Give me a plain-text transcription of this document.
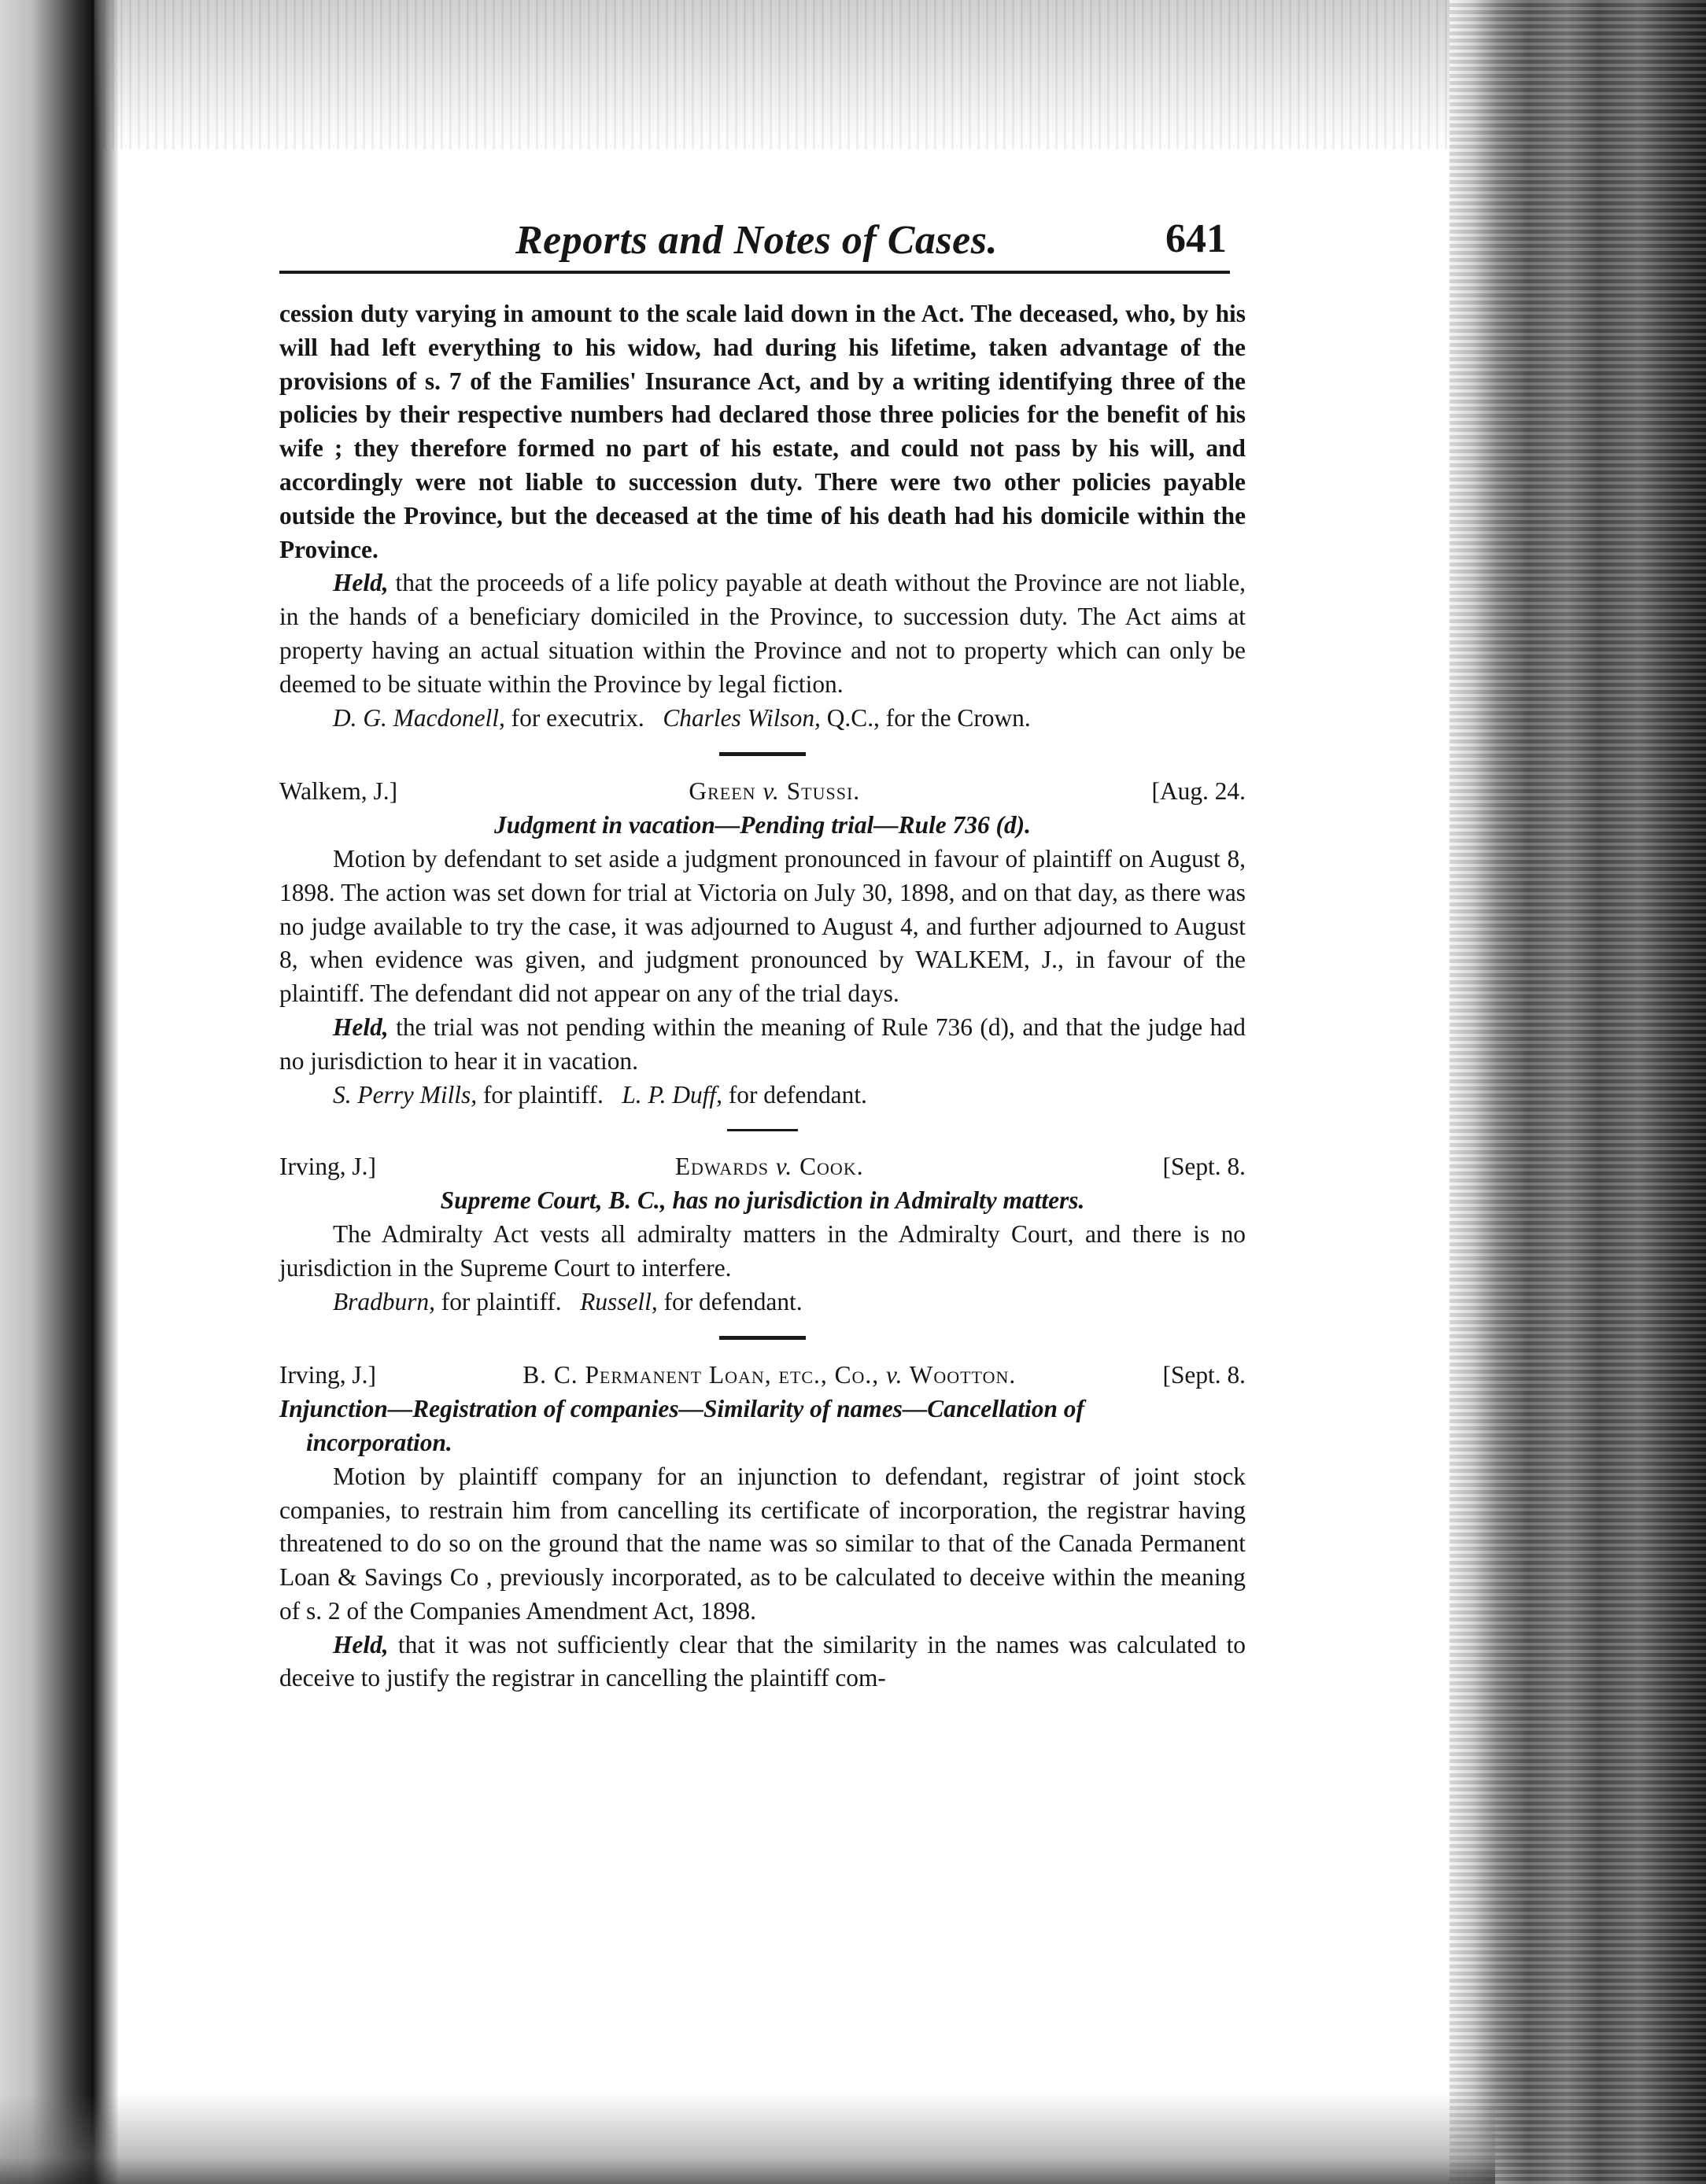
Reports and Notes of Cases.	641

cession duty varying in amount to the scale laid down in the Act. The deceased, who, by his will had left everything to his widow, had during his lifetime, taken advantage of the provisions of s. 7 of the Families' Insurance Act, and by a writing identifying three of the policies by their respective numbers had declared those three policies for the benefit of his wife ; they therefore formed no part of his estate, and could not pass by his will, and accordingly were not liable to succession duty. There were two other policies payable outside the Province, but the deceased at the time of his death had his domicile within the Province.

Held, that the proceeds of a life policy payable at death without the Province are not liable, in the hands of a beneficiary domiciled in the Province, to succession duty. The Act aims at property having an actual situation within the Province and not to property which can only be deemed to be situate within the Province by legal fiction.

D. G. Macdonell, for executrix. Charles Wilson, Q.C., for the Crown.

Walkem, J.]	Green v. Stussi.	[Aug. 24.

Judgment in vacation—Pending trial—Rule 736 (d).

Motion by defendant to set aside a judgment pronounced in favour of plaintiff on August 8, 1898. The action was set down for trial at Victoria on July 30, 1898, and on that day, as there was no judge available to try the case, it was adjourned to August 4, and further adjourned to August 8, when evidence was given, and judgment pronounced by WALKEM, J., in favour of the plaintiff. The defendant did not appear on any of the trial days.

Held, the trial was not pending within the meaning of Rule 736 (d), and that the judge had no jurisdiction to hear it in vacation.

S. Perry Mills, for plaintiff. L. P. Duff, for defendant.

Irving, J.]	Edwards v. Cook.	[Sept. 8.

Supreme Court, B. C., has no jurisdiction in Admiralty matters.

The Admiralty Act vests all admiralty matters in the Admiralty Court, and there is no jurisdiction in the Supreme Court to interfere.

Bradburn, for plaintiff. Russell, for defendant.

Irving, J.]	B. C. Permanent Loan, etc., Co., v. Wootton.	[Sept. 8.

Injunction—Registration of companies—Similarity of names—Cancellation of
incorporation.

Motion by plaintiff company for an injunction to defendant, registrar of joint stock companies, to restrain him from cancelling its certificate of incorporation, the registrar having threatened to do so on the ground that the name was so similar to that of the Canada Permanent Loan & Savings Co , previously incorporated, as to be calculated to deceive within the meaning of s. 2 of the Companies Amendment Act, 1898.

Held, that it was not sufficiently clear that the similarity in the names was calculated to deceive to justify the registrar in cancelling the plaintiff com-
